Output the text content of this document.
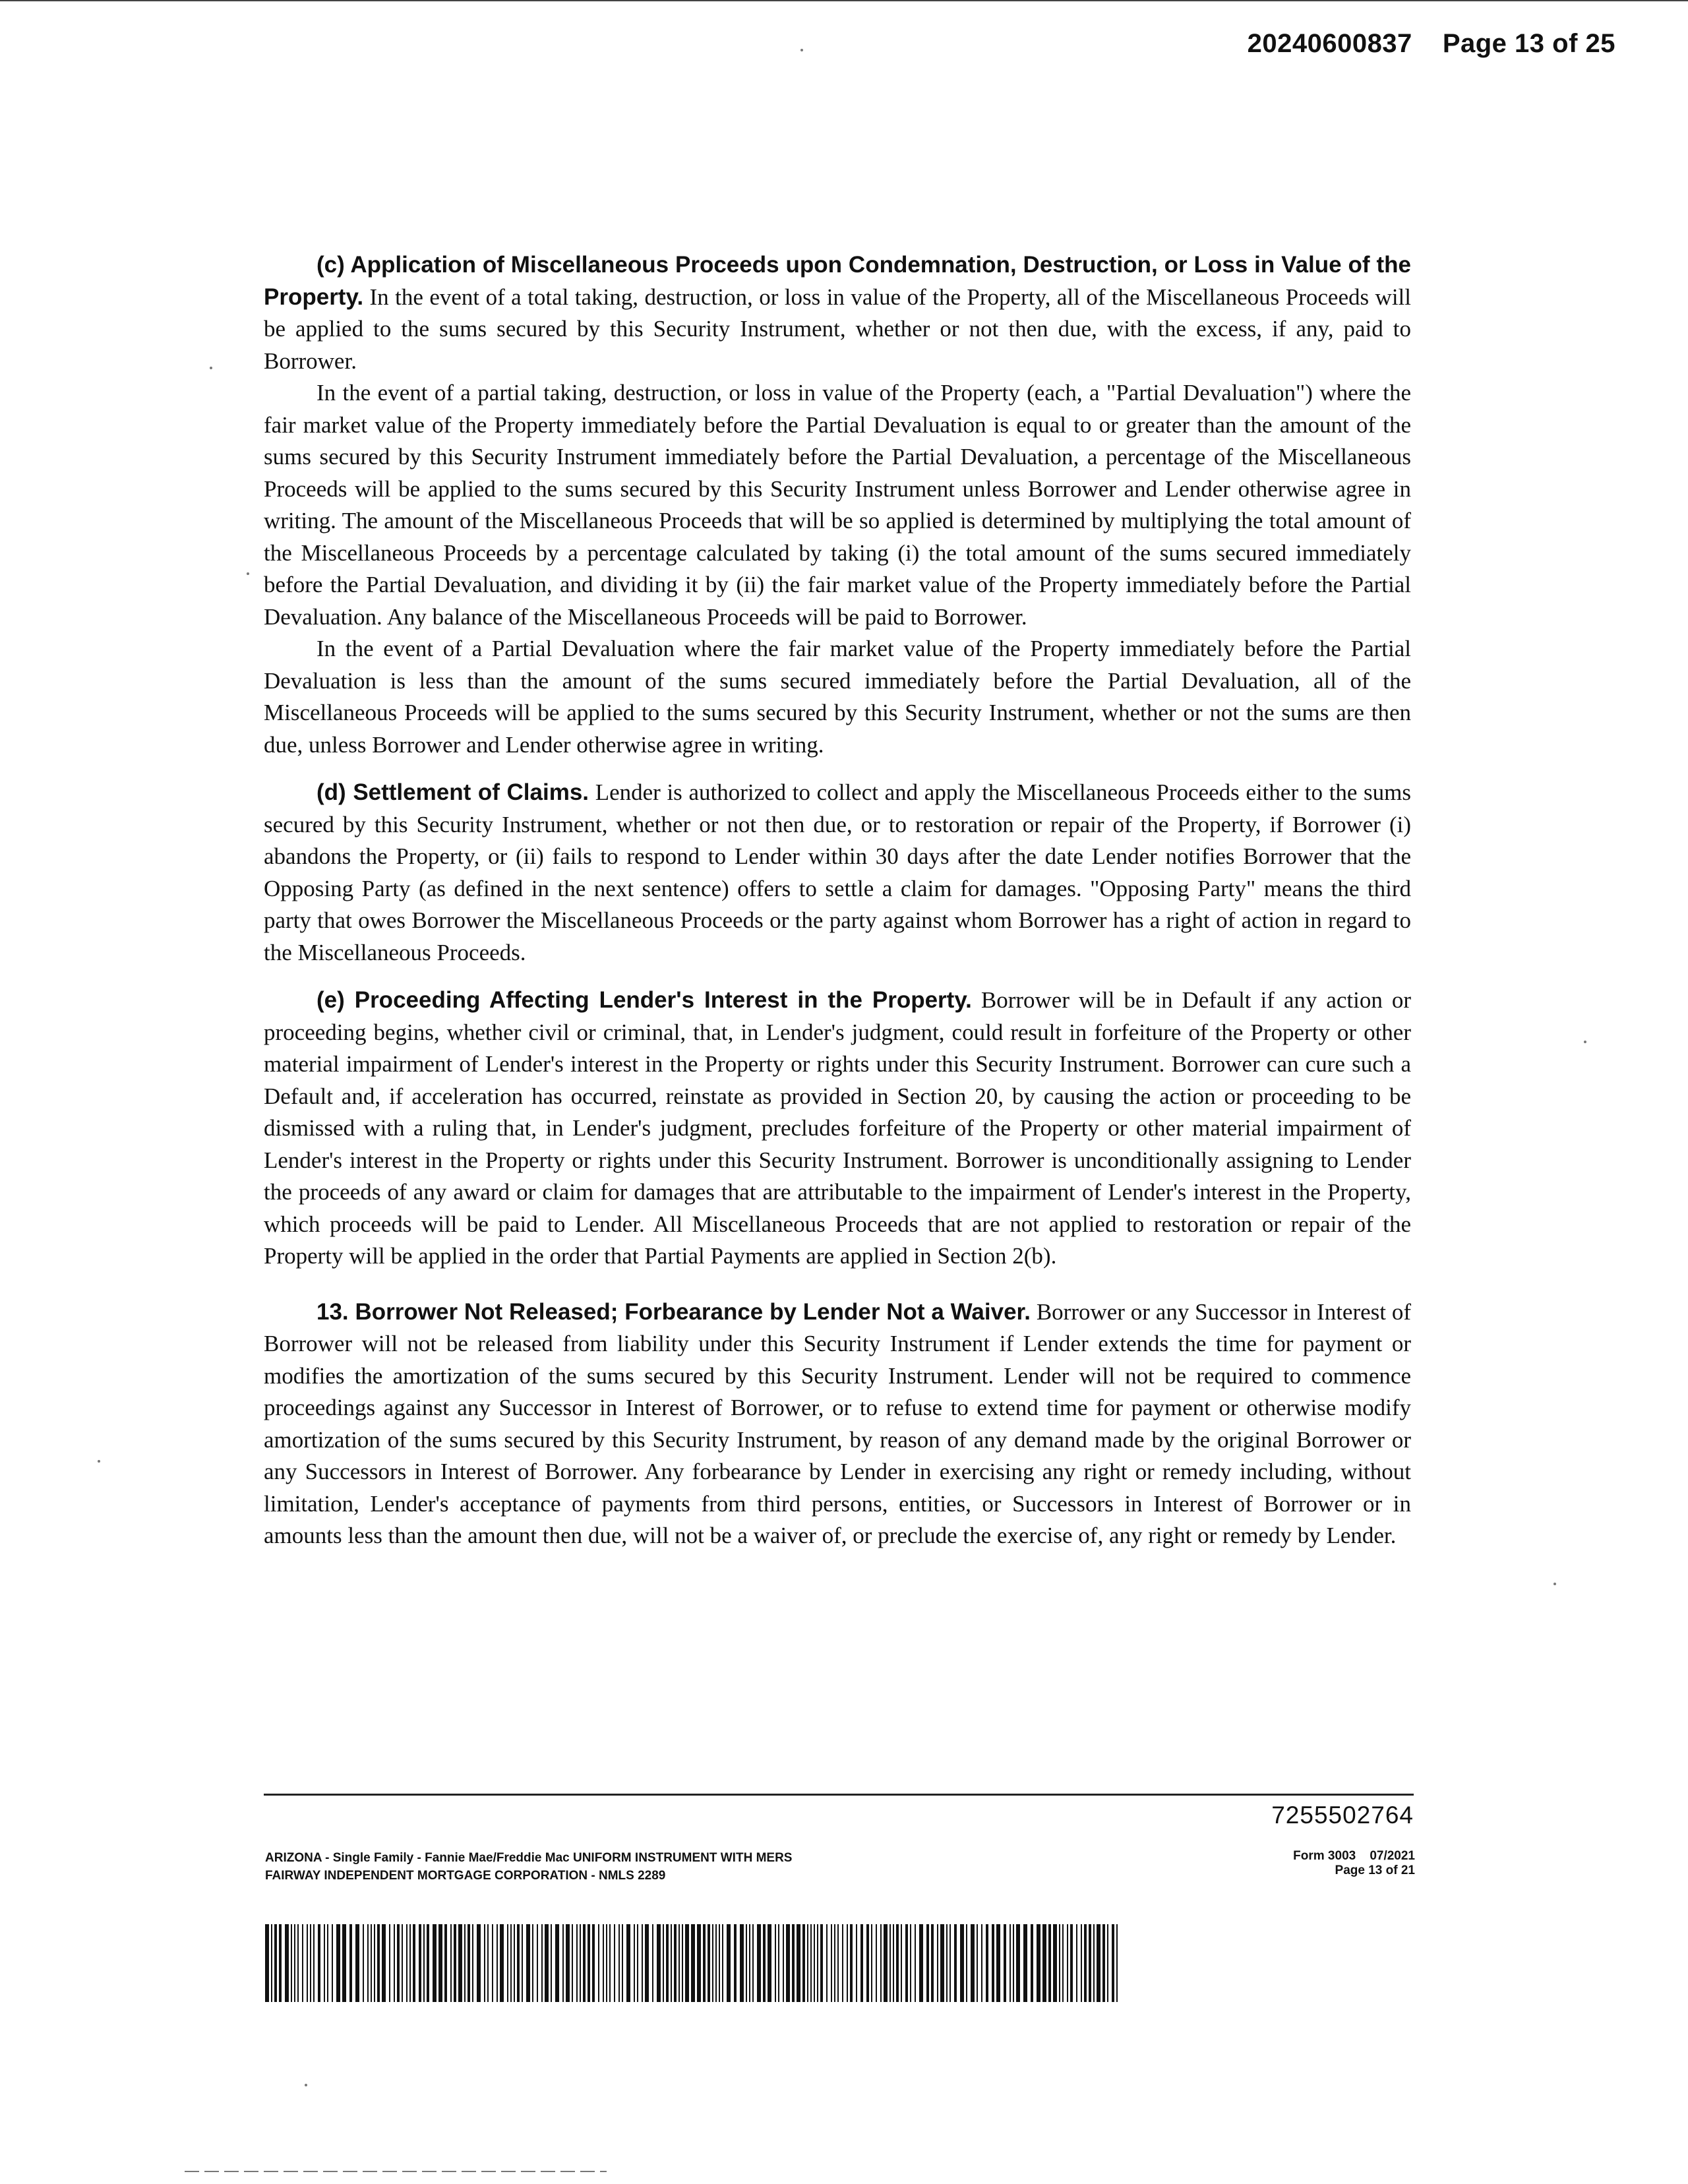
20240600837 Page 13 of 25

(c) Application of Miscellaneous Proceeds upon Condemnation, Destruction, or Loss in Value of the Property. In the event of a total taking, destruction, or loss in value of the Property, all of the Miscellaneous Proceeds will be applied to the sums secured by this Security Instrument, whether or not then due, with the excess, if any, paid to Borrower.

In the event of a partial taking, destruction, or loss in value of the Property (each, a "Partial Devaluation") where the fair market value of the Property immediately before the Partial Devaluation is equal to or greater than the amount of the sums secured by this Security Instrument immediately before the Partial Devaluation, a percentage of the Miscellaneous Proceeds will be applied to the sums secured by this Security Instrument unless Borrower and Lender otherwise agree in writing. The amount of the Miscellaneous Proceeds that will be so applied is determined by multiplying the total amount of the Miscellaneous Proceeds by a percentage calculated by taking (i) the total amount of the sums secured immediately before the Partial Devaluation, and dividing it by (ii) the fair market value of the Property immediately before the Partial Devaluation. Any balance of the Miscellaneous Proceeds will be paid to Borrower.

In the event of a Partial Devaluation where the fair market value of the Property immediately before the Partial Devaluation is less than the amount of the sums secured immediately before the Partial Devaluation, all of the Miscellaneous Proceeds will be applied to the sums secured by this Security Instrument, whether or not the sums are then due, unless Borrower and Lender otherwise agree in writing.

(d) Settlement of Claims. Lender is authorized to collect and apply the Miscellaneous Proceeds either to the sums secured by this Security Instrument, whether or not then due, or to restoration or repair of the Property, if Borrower (i) abandons the Property, or (ii) fails to respond to Lender within 30 days after the date Lender notifies Borrower that the Opposing Party (as defined in the next sentence) offers to settle a claim for damages. "Opposing Party" means the third party that owes Borrower the Miscellaneous Proceeds or the party against whom Borrower has a right of action in regard to the Miscellaneous Proceeds.

(e) Proceeding Affecting Lender's Interest in the Property. Borrower will be in Default if any action or proceeding begins, whether civil or criminal, that, in Lender's judgment, could result in forfeiture of the Property or other material impairment of Lender's interest in the Property or rights under this Security Instrument. Borrower can cure such a Default and, if acceleration has occurred, reinstate as provided in Section 20, by causing the action or proceeding to be dismissed with a ruling that, in Lender's judgment, precludes forfeiture of the Property or other material impairment of Lender's interest in the Property or rights under this Security Instrument. Borrower is unconditionally assigning to Lender the proceeds of any award or claim for damages that are attributable to the impairment of Lender's interest in the Property, which proceeds will be paid to Lender. All Miscellaneous Proceeds that are not applied to restoration or repair of the Property will be applied in the order that Partial Payments are applied in Section 2(b).

13. Borrower Not Released; Forbearance by Lender Not a Waiver. Borrower or any Successor in Interest of Borrower will not be released from liability under this Security Instrument if Lender extends the time for payment or modifies the amortization of the sums secured by this Security Instrument. Lender will not be required to commence proceedings against any Successor in Interest of Borrower, or to refuse to extend time for payment or otherwise modify amortization of the sums secured by this Security Instrument, by reason of any demand made by the original Borrower or any Successors in Interest of Borrower. Any forbearance by Lender in exercising any right or remedy including, without limitation, Lender's acceptance of payments from third persons, entities, or Successors in Interest of Borrower or in amounts less than the amount then due, will not be a waiver of, or preclude the exercise of, any right or remedy by Lender.

7255502764
ARIZONA - Single Family - Fannie Mae/Freddie Mac UNIFORM INSTRUMENT WITH MERS
FAIRWAY INDEPENDENT MORTGAGE CORPORATION - NMLS 2289
Form 3003    07/2021
Page 13 of 21
